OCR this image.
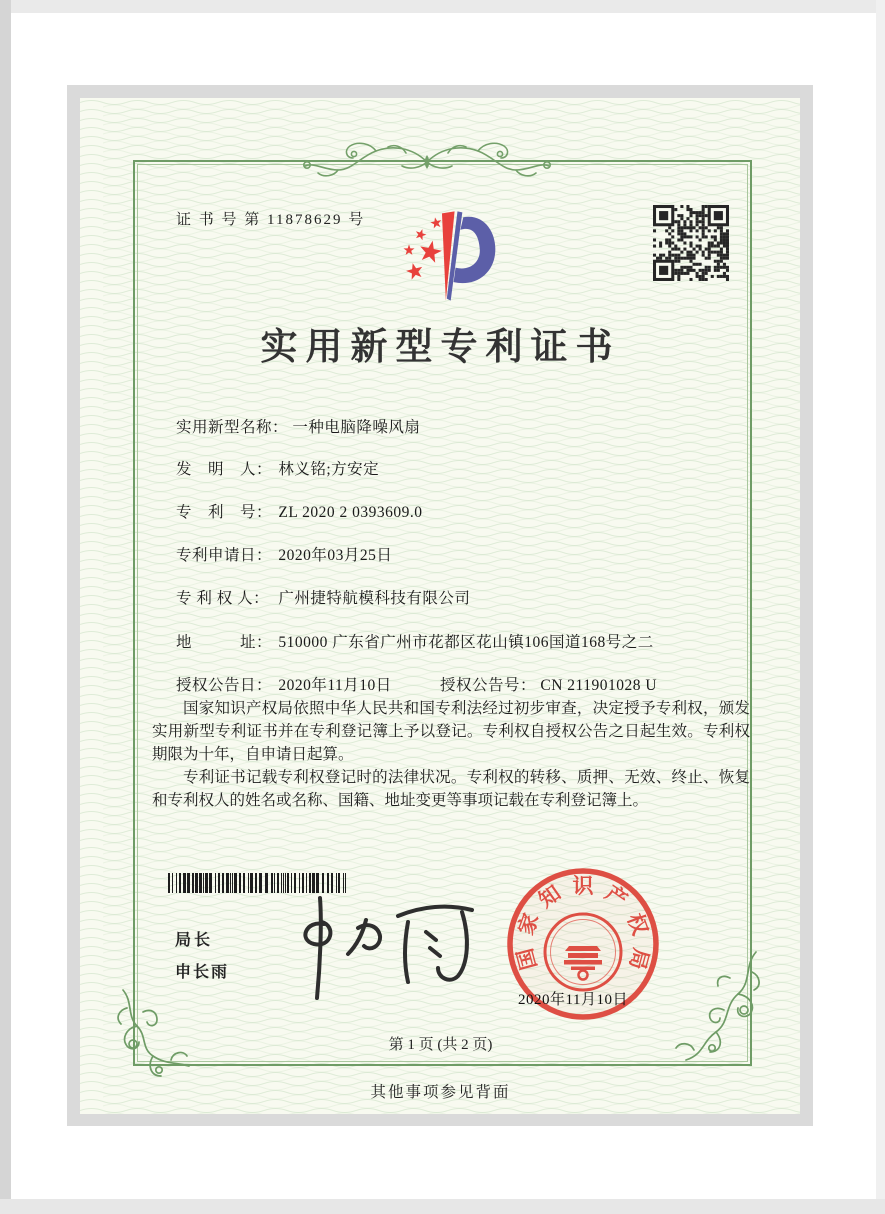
证 书 号 第 11878629 号
实用新型专利证书
实用新型名称： 一种电脑降噪风扇
发　明　人： 林义铭;方安定
专　利　号： ZL 2020 2 0393609.0
专利申请日： 2020年03月25日
专 利 权 人： 广州捷特航模科技有限公司
地　　　址： 510000 广东省广州市花都区花山镇106国道168号之二
授权公告日： 2020年11月10日	授权公告号： CN 211901028 U

国家知识产权局依照中华人民共和国专利法经过初步审查，决定授予专利权，颁发实用新型专利证书并在专利登记簿上予以登记。专利权自授权公告之日起生效。专利权期限为十年，自申请日起算。

专利证书记载专利权登记时的法律状况。专利权的转移、质押、无效、终止、恢复和专利权人的姓名或名称、国籍、地址变更等事项记载在专利登记簿上。

局长
申长雨
国
家
知 识 产
权
局
2020年11月10日
第 1 页 (共 2 页)
其他事项参见背面
